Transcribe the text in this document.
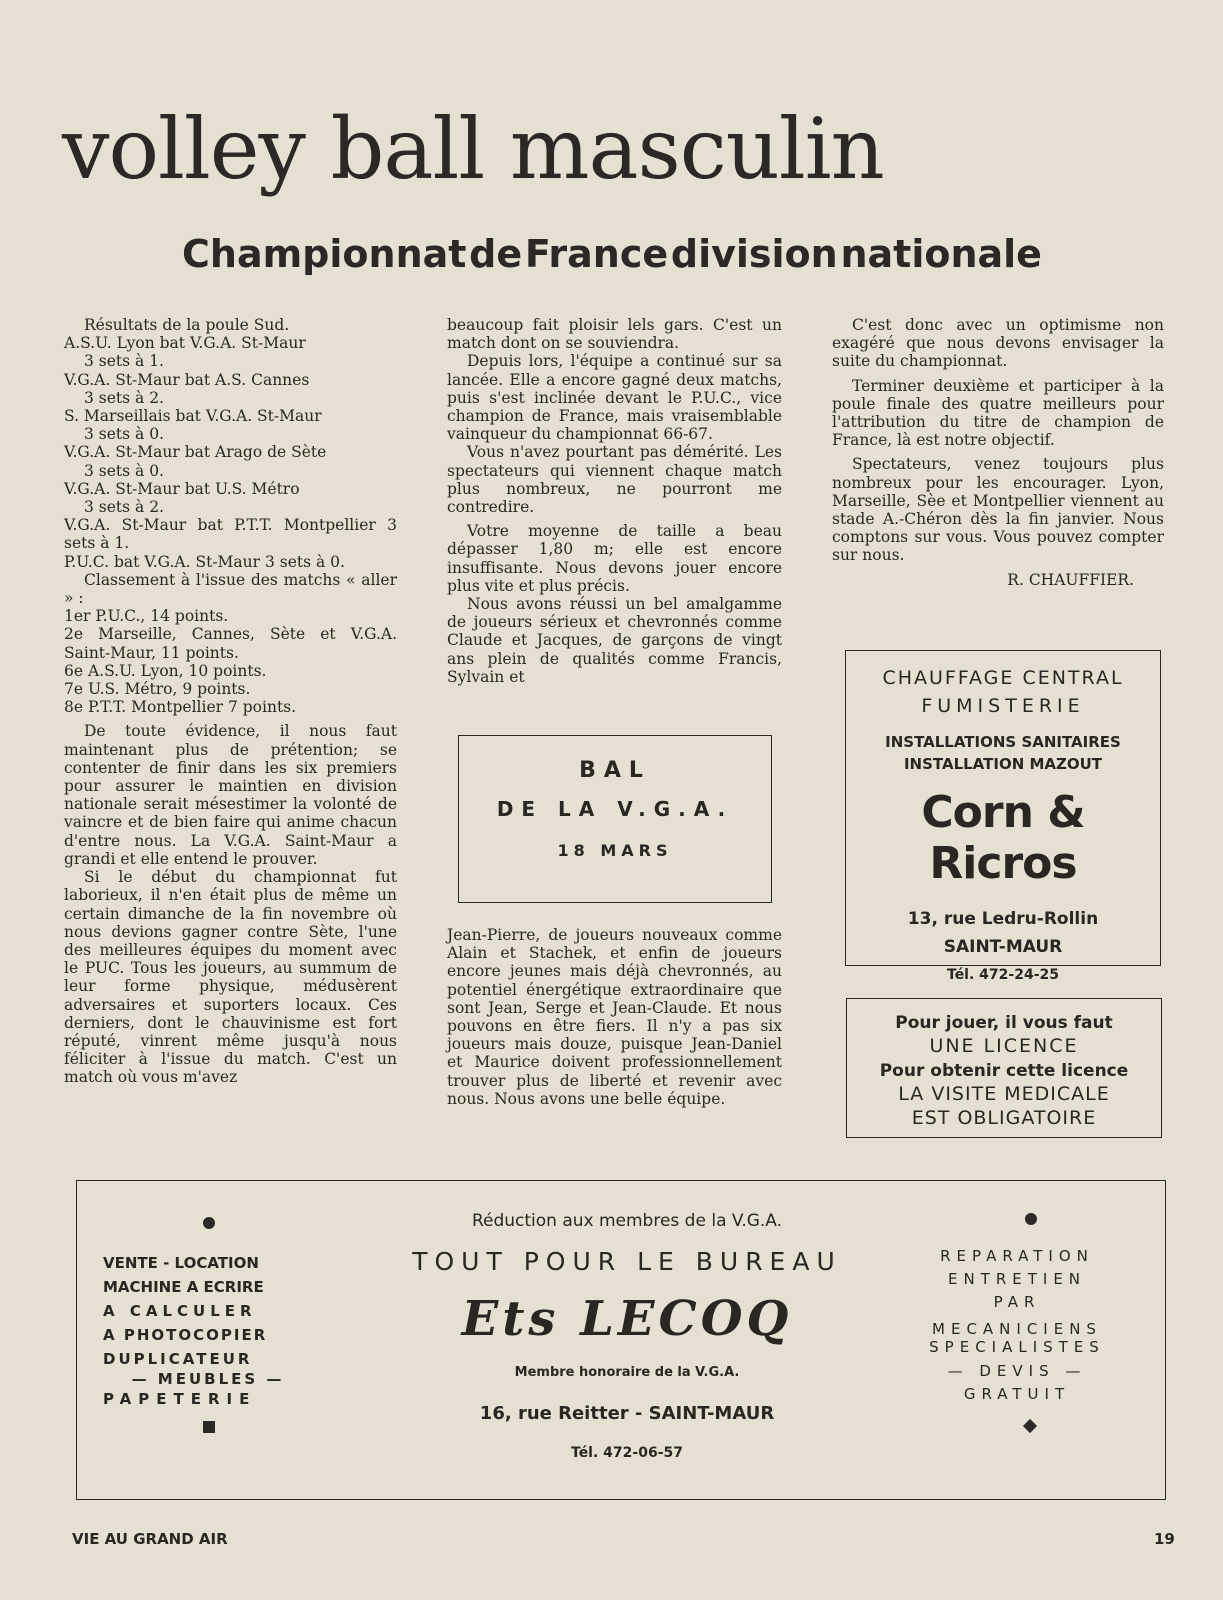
volley ball masculin
Championnat de France division nationale

Résultats de la poule Sud.

A.S.U. Lyon bat V.G.A. St-Maur

3 sets à 1.

V.G.A. St-Maur bat A.S. Cannes

3 sets à 2.

S. Marseillais bat V.G.A. St-Maur

3 sets à 0.

V.G.A. St-Maur bat Arago de Sète

3 sets à 0.

V.G.A. St-Maur bat U.S. Métro

3 sets à 2.

V.G.A. St-Maur bat P.T.T. Montpellier 3 sets à 1.

P.U.C. bat V.G.A. St-Maur 3 sets à 0.

Classement à l'issue des matchs « aller » :

1er P.U.C., 14 points.

2e Marseille, Cannes, Sète et V.G.A. Saint-Maur, 11 points.

6e A.S.U. Lyon, 10 points.

7e U.S. Métro, 9 points.

8e P.T.T. Montpellier 7 points.

De toute évidence, il nous faut maintenant plus de prétention; se contenter de finir dans les six premiers pour assurer le maintien en division nationale serait mésestimer la volonté de vaincre et de bien faire qui anime chacun d'entre nous. La V.G.A. Saint-Maur a grandi et elle entend le prouver.

Si le début du championnat fut laborieux, il n'en était plus de même un certain dimanche de la fin novembre où nous devions gagner contre Sète, l'une des meilleures équipes du moment avec le PUC. Tous les joueurs, au summum de leur forme physique, médusèrent adversaires et suporters locaux. Ces derniers, dont le chauvinisme est fort réputé, vinrent même jusqu'à nous féliciter à l'issue du match. C'est un match où vous m'avez

beaucoup fait ploisir lels gars. C'est un match dont on se souviendra.

Depuis lors, l'équipe a continué sur sa lancée. Elle a encore gagné deux matchs, puis s'est inclinée devant le P.U.C., vice champion de France, mais vraisemblable vainqueur du championnat 66-67.

Vous n'avez pourtant pas démérité. Les spectateurs qui viennent chaque match plus nombreux, ne pourront me contredire.

Votre moyenne de taille a beau dépasser 1,80 m; elle est encore insuffisante. Nous devons jouer encore plus vite et plus précis.

Nous avons réussi un bel amalgamme de joueurs sérieux et chevronnés comme Claude et Jacques, de garçons de vingt ans plein de qualités comme Francis, Sylvain et

BAL
DE LA V.G.A.
18 MARS

Jean-Pierre, de joueurs nouveaux comme Alain et Stachek, et enfin de joueurs encore jeunes mais déjà chevronnés, au potentiel énergétique extraordinaire que sont Jean, Serge et Jean-Claude. Et nous pouvons en être fiers. Il n'y a pas six joueurs mais douze, puisque Jean-Daniel et Maurice doivent professionnellement trouver plus de liberté et revenir avec nous. Nous avons une belle équipe.

C'est donc avec un optimisme non exagéré que nous devons envisager la suite du championnat.

Terminer deuxième et participer à la poule finale des quatre meilleurs pour l'attribution du titre de champion de France, là est notre objectif.

Spectateurs, venez toujours plus nombreux pour les encourager. Lyon, Marseille, Sèe et Montpellier viennent au stade A.-Chéron dès la fin janvier. Nous comptons sur vous. Vous pouvez compter sur nous.

R. CHAUFFIER.

CHAUFFAGE CENTRAL
FUMISTERIE
INSTALLATIONS SANITAIRES
INSTALLATION MAZOUT
Corn & Ricros
13, rue Ledru-Rollin
SAINT-MAUR
Tél. 472-24-25
Pour jouer, il vous faut
UNE LICENCE
Pour obtenir cette licence
LA VISITE MEDICALE
EST OBLIGATOIRE
Réduction aux membres de la V.G.A.
VENTE - LOCATION
MACHINE A ECRIRE
A CALCULER
A PHOTOCOPIER
DUPLICATEUR
— MEUBLES —
PAPETERIE
TOUT POUR LE BUREAU
Ets LECOQ
Membre honoraire de la V.G.A.
16, rue Reitter - SAINT-MAUR
Tél. 472-06-57
REPARATION
ENTRETIEN
PAR
MECANICIENS
SPECIALISTES
— DEVIS —
GRATUIT
VIE AU GRAND AIR	19
